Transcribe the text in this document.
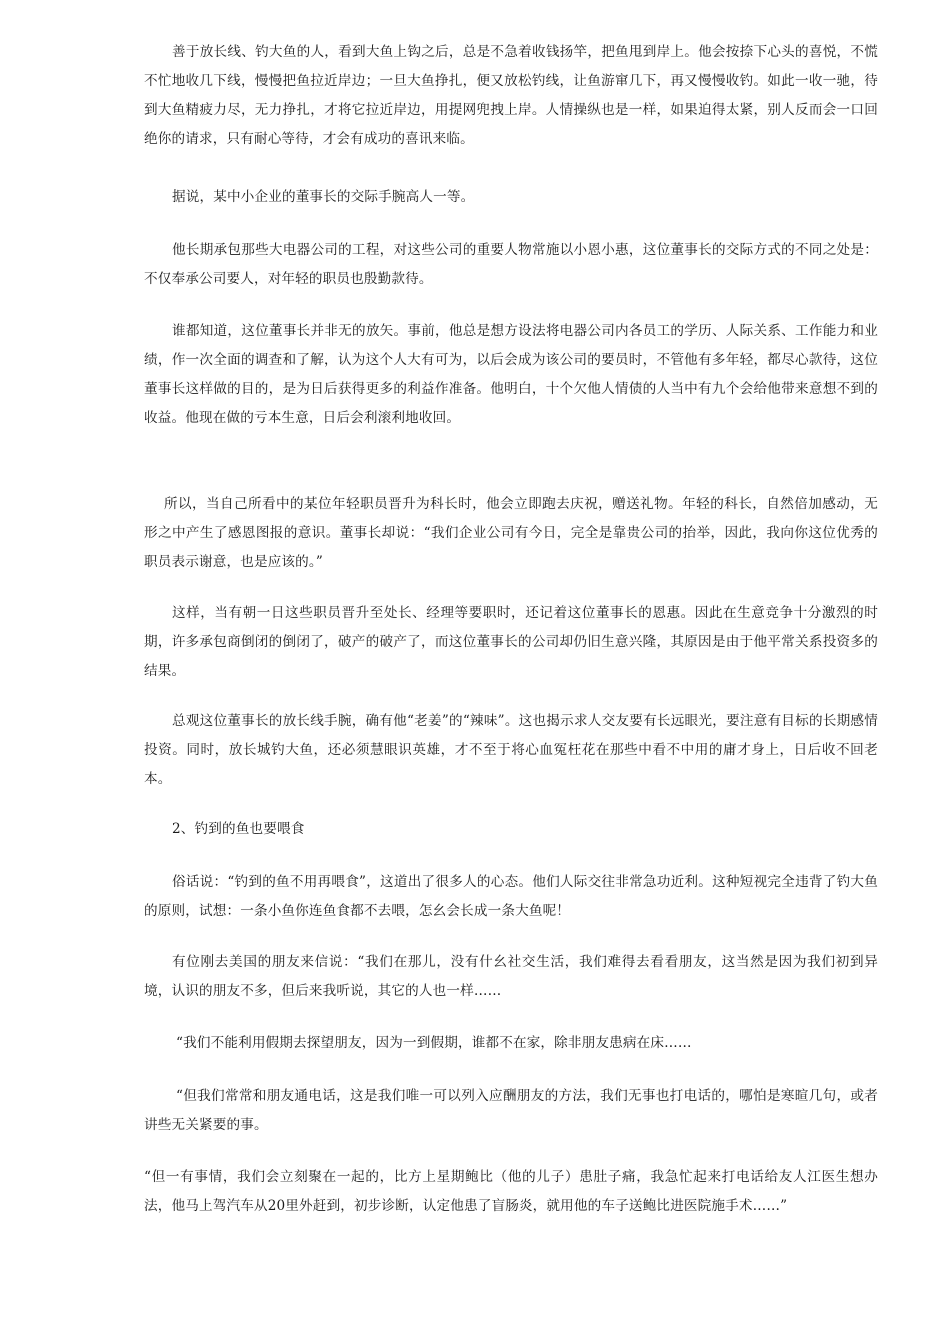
善于放长线、钓大鱼的人，看到大鱼上钩之后，总是不急着收钱扬竿，把鱼甩到岸上。他会按捺下心头的喜悦，不慌不忙地收几下线，慢慢把鱼拉近岸边；一旦大鱼挣扎，便又放松钓线，让鱼游窜几下，再又慢慢收钓。如此一收一驰，待到大鱼精疲力尽，无力挣扎，才将它拉近岸边，用提网兜拽上岸。人情操纵也是一样，如果迫得太紧，别人反而会一口回绝你的请求，只有耐心等待，才会有成功的喜讯来临。

据说，某中小企业的董事长的交际手腕高人一等。

他长期承包那些大电器公司的工程，对这些公司的重要人物常施以小恩小惠，这位董事长的交际方式的不同之处是：不仅奉承公司要人，对年轻的职员也殷勤款待。

谁都知道，这位董事长并非无的放矢。事前，他总是想方设法将电器公司内各员工的学历、人际关系、工作能力和业绩，作一次全面的调查和了解，认为这个人大有可为，以后会成为该公司的要员时，不管他有多年轻，都尽心款待，这位董事长这样做的目的，是为日后获得更多的利益作准备。他明白，十个欠他人情债的人当中有九个会给他带来意想不到的收益。他现在做的亏本生意，日后会利滚利地收回。

所以，当自己所看中的某位年轻职员晋升为科长时，他会立即跑去庆祝，赠送礼物。年轻的科长，自然倍加感动，无形之中产生了感恩图报的意识。董事长却说：“我们企业公司有今日，完全是靠贵公司的抬举，因此，我向你这位优秀的职员表示谢意，也是应该的。”

这样，当有朝一日这些职员晋升至处长、经理等要职时，还记着这位董事长的恩惠。因此在生意竞争十分激烈的时期，许多承包商倒闭的倒闭了，破产的破产了，而这位董事长的公司却仍旧生意兴隆，其原因是由于他平常关系投资多的结果。

总观这位董事长的放长线手腕，确有他“老姜”的“辣味”。这也揭示求人交友要有长远眼光，要注意有目标的长期感情投资。同时，放长城钓大鱼，还必须慧眼识英雄，才不至于将心血冤枉花在那些中看不中用的庸才身上，日后收不回老本。

2、钓到的鱼也要喂食

俗话说：“钓到的鱼不用再喂食”，这道出了很多人的心态。他们人际交往非常急功近利。这种短视完全违背了钓大鱼的原则，试想：一条小鱼你连鱼食都不去喂，怎幺会长成一条大鱼呢！

有位刚去美国的朋友来信说：“我们在那儿，没有什幺社交生活，我们难得去看看朋友，这当然是因为我们初到异境，认识的朋友不多，但后来我听说，其它的人也一样……

“我们不能利用假期去探望朋友，因为一到假期，谁都不在家，除非朋友患病在床……

“但我们常常和朋友通电话，这是我们唯一可以列入应酬朋友的方法，我们无事也打电话的，哪怕是寒暄几句，或者讲些无关紧要的事。

“但一有事情，我们会立刻聚在一起的，比方上星期鲍比（他的儿子）患肚子痛，我急忙起来打电话给友人江医生想办法，他马上驾汽车从20里外赶到，初步诊断，认定他患了盲肠炎，就用他的车子送鲍比进医院施手术……”
